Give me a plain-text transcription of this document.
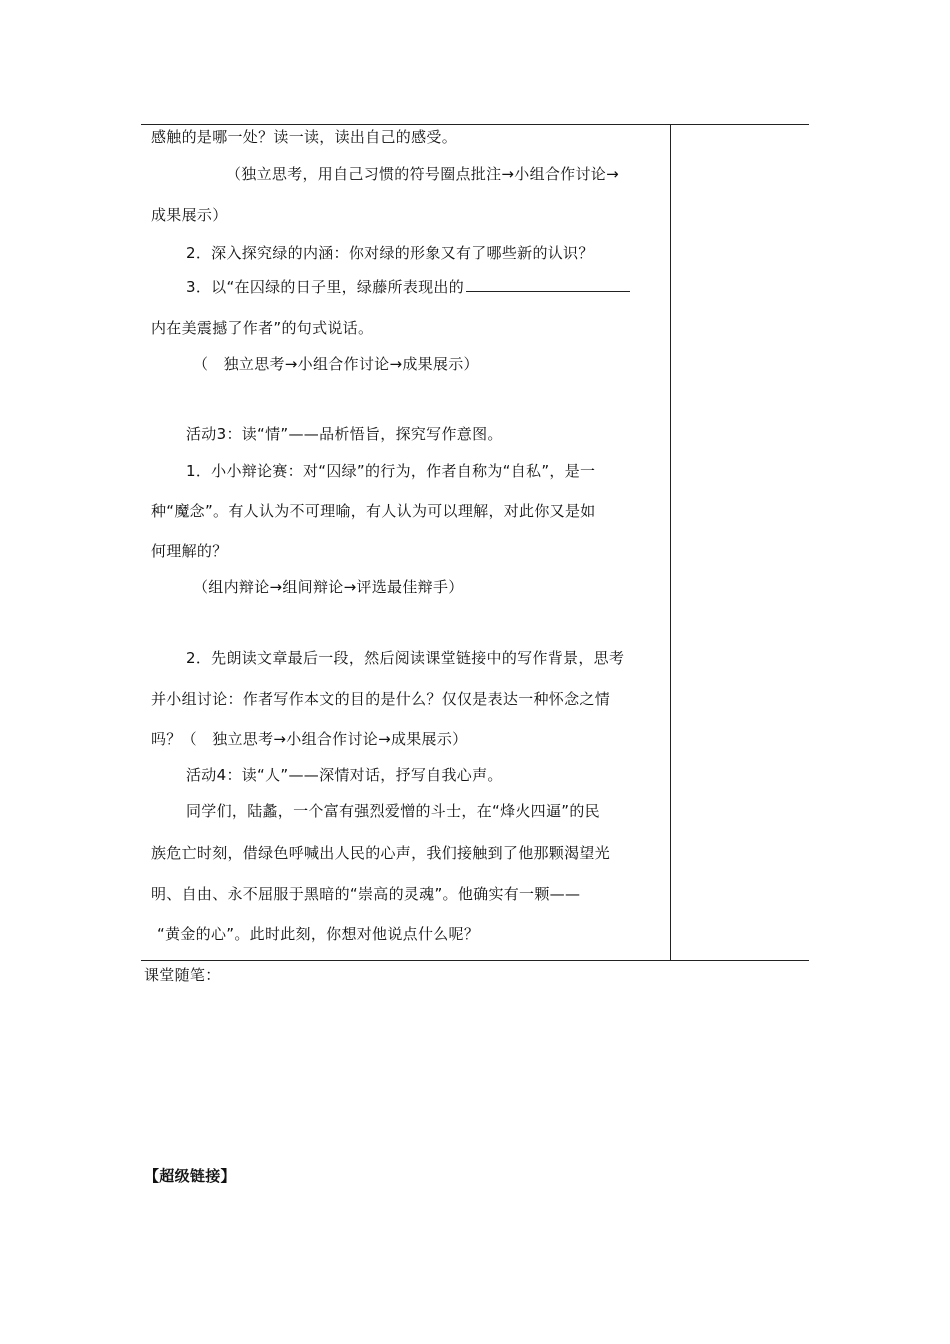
感触的是哪一处？读一读，读出自己的感受。
（独立思考，用自己习惯的符号圈点批注→小组合作讨论→
成果展示）
2．深入探究绿的内涵：你对绿的形象又有了哪些新的认识？
3．以“在囚绿的日子里，绿藤所表现出的
内在美震撼了作者”的句式说话。
（　独立思考→小组合作讨论→成果展示）
活动3：读“情”——品析悟旨，探究写作意图。
1．小小辩论赛：对“囚绿”的行为，作者自称为“自私”，是一
种“魔念”。有人认为不可理喻，有人认为可以理解，对此你又是如
何理解的？
（组内辩论→组间辩论→评选最佳辩手）
2．先朗读文章最后一段，然后阅读课堂链接中的写作背景，思考
并小组讨论：作者写作本文的目的是什么？仅仅是表达一种怀念之情
吗？（　独立思考→小组合作讨论→成果展示）
活动4：读“人”——深情对话，抒写自我心声。
同学们，陆蠡，一个富有强烈爱憎的斗士，在“烽火四逼”的民
族危亡时刻，借绿色呼喊出人民的心声，我们接触到了他那颗渴望光
明、自由、永不屈服于黑暗的“崇高的灵魂”。他确实有一颗——
“黄金的心”。此时此刻，你想对他说点什么呢？
课堂随笔：
【超级链接】
